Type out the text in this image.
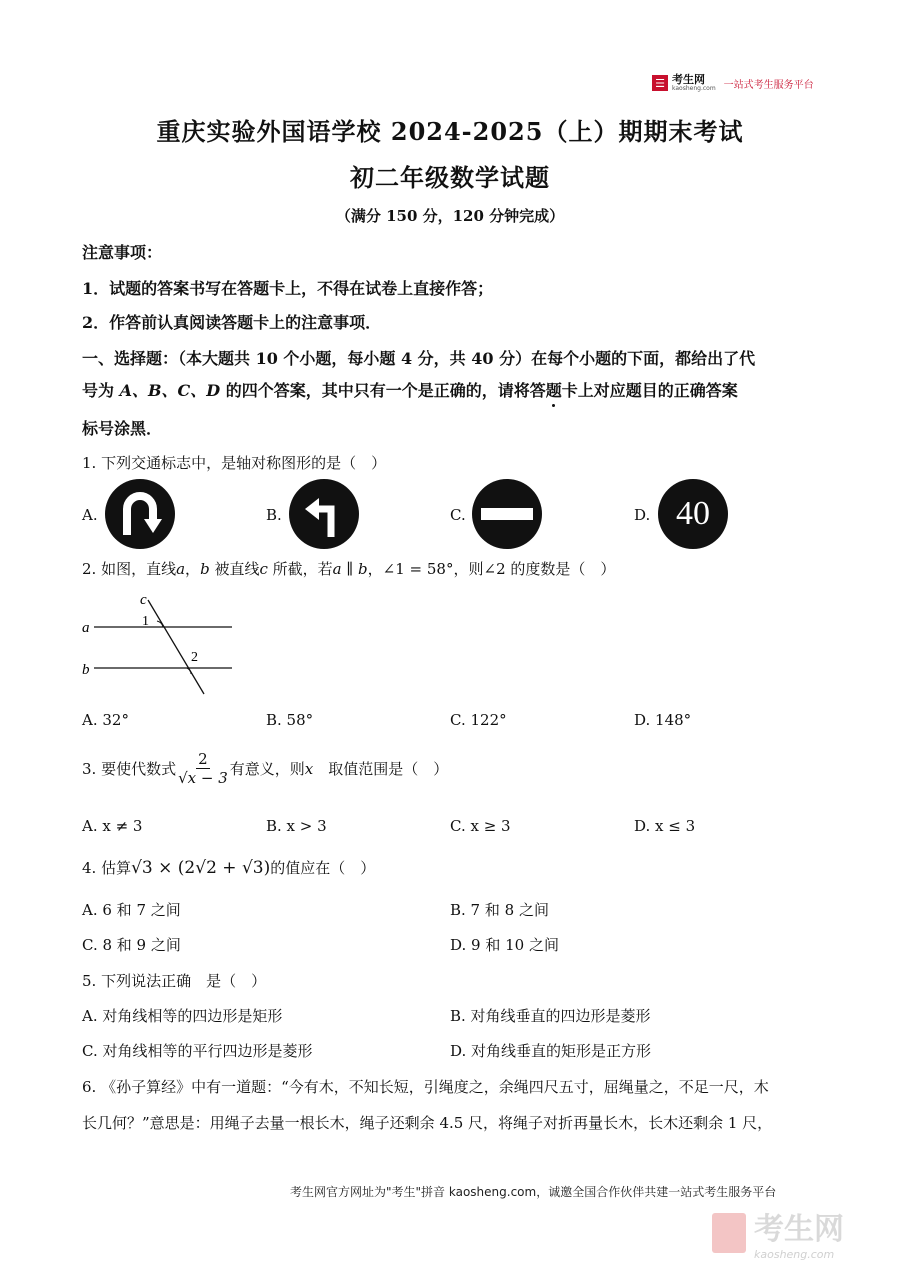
☰ 考生网
kaosheng.com 一站式考生服务平台
重庆实验外国语学校 2024-2025（上）期期末考试
初二年级数学试题
（满分 150 分，120 分钟完成）
注意事项：
1．试题的答案书写在答题卡上，不得在试卷上直接作答；
2．作答前认真阅读答题卡上的注意事项．
一、选择题：（本大题共 10 个小题，每小题 4 分，共 40 分）在每个小题的下面，都给出了代
号为 A、B、C、D 的四个答案，其中只有一个是正确的，请将答题卡上对应题目的正确答案
标号涂黑．
1. 下列交通标志中，是轴对称图形的是（　）
A.	B.	C.	D. 40
2. 如图，直线a，b 被直线c 所截，若a ∥ b，∠1 = 58°，则∠2 的度数是（　）
a
b
c
1
2
A. 32°	B. 58°	C. 122°	D. 148°
3. 要使代数式 $\frac{2}{√x - 3}$ 有意义，则 x 　取值范围是（　）
A. x ≠ 3	B. x > 3	C. x ≥ 3	D. x ≤ 3
4. 估算√3 × (2√2 + √3)的值应在（　）
A. 6 和 7 之间	B. 7 和 8 之间
C. 8 和 9 之间	D. 9 和 10 之间
5. 下列说法正确　是（　）
A. 对角线相等的四边形是矩形	B. 对角线垂直的四边形是菱形
C. 对角线相等的平行四边形是菱形	D. 对角线垂直的矩形是正方形
6. 《孙子算经》中有一道题：“今有木，不知长短，引绳度之，余绳四尺五寸，屈绳量之，不足一尺，木
长几何？”意思是：用绳子去量一根长木，绳子还剩余 4.5 尺，将绳子对折再量长木，长木还剩余 1 尺，
考生网官方网址为"考生"拼音 kaosheng.com，诚邀全国合作伙伴共建一站式考生服务平台
考生网
kaosheng.com
